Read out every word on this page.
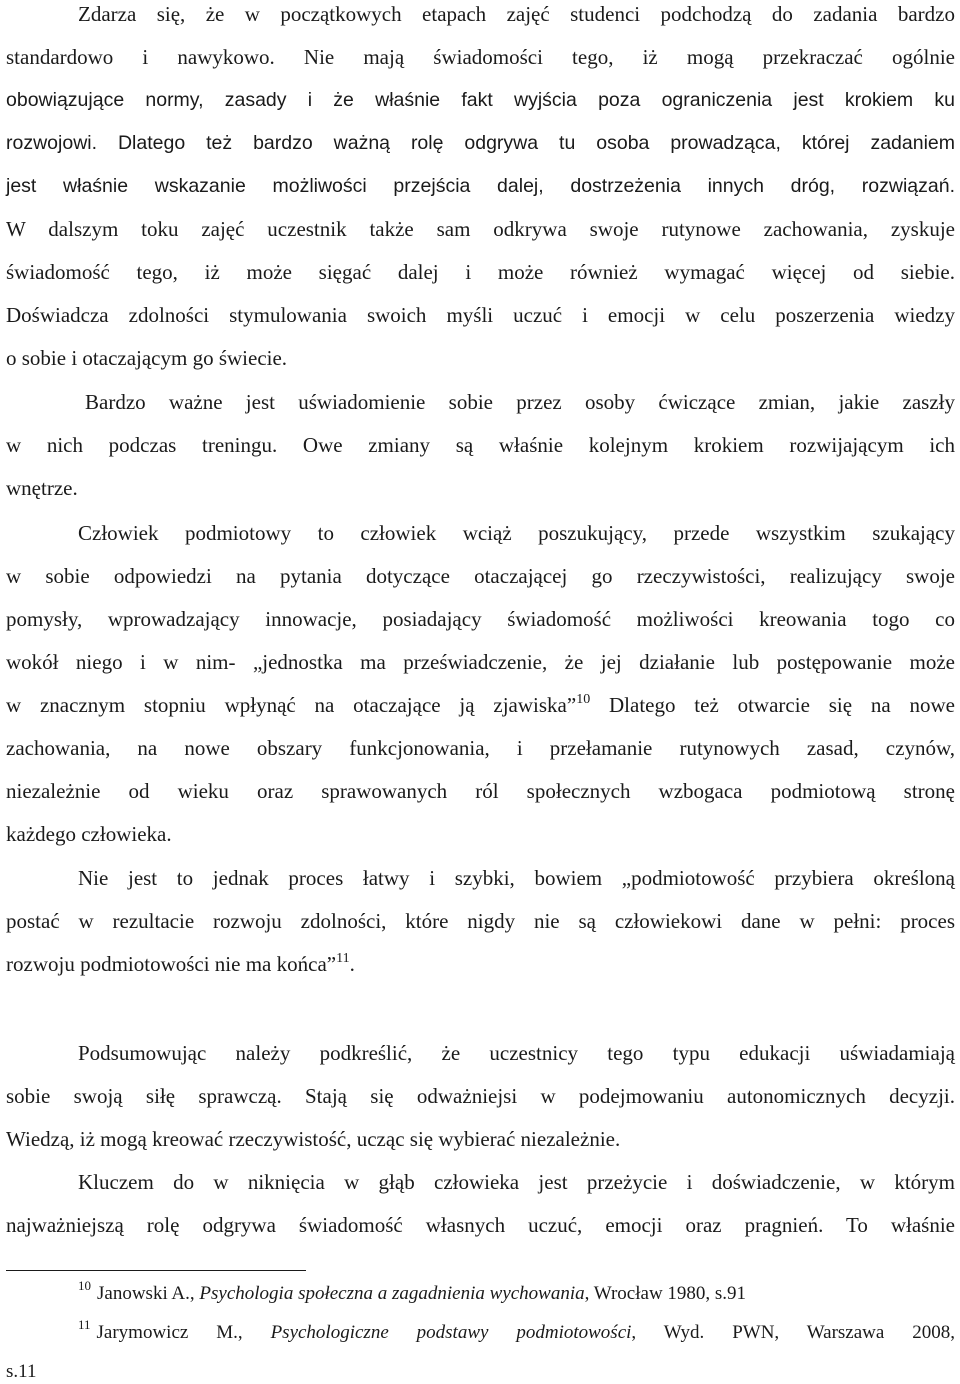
Zdarza się, że w początkowych etapach zajęć studenci podchodzą do zadania bardzo
standardowo i nawykowo. Nie mają świadomości tego, iż mogą przekraczać ogólnie
obowiązujące normy, zasady i że właśnie fakt wyjścia poza ograniczenia jest krokiem ku
rozwojowi. Dlatego też bardzo ważną rolę odgrywa tu osoba prowadząca, której zadaniem
jest właśnie wskazanie możliwości przejścia dalej, dostrzeżenia innych dróg, rozwiązań.
W dalszym toku zajęć uczestnik także sam odkrywa swoje rutynowe zachowania, zyskuje
świadomość tego, iż może sięgać dalej i może również wymagać więcej od siebie.
Doświadcza zdolności stymulowania swoich myśli uczuć i emocji w celu poszerzenia wiedzy
o sobie i otaczającym go świecie.
Bardzo ważne jest uświadomienie sobie przez osoby ćwiczące zmian, jakie zaszły
w nich podczas treningu. Owe zmiany są właśnie kolejnym krokiem rozwijającym ich
wnętrze.
Człowiek podmiotowy to człowiek wciąż poszukujący, przede wszystkim szukający
w sobie odpowiedzi na pytania dotyczące otaczającej go rzeczywistości, realizujący swoje
pomysły, wprowadzający innowacje, posiadający świadomość możliwości kreowania togo co
wokół niego i w nim- „jednostka ma przeświadczenie, że jej działanie lub postępowanie może
w znacznym stopniu wpłynąć na otaczające ją zjawiska”$^{10}$ Dlatego też otwarcie się na nowe
zachowania, na nowe obszary funkcjonowania, i przełamanie rutynowych zasad, czynów,
niezależnie od wieku oraz sprawowanych ról społecznych wzbogaca podmiotową stronę
każdego człowieka.
Nie jest to jednak proces łatwy i szybki, bowiem „podmiotowość przybiera określoną
postać w rezultacie rozwoju zdolności, które nigdy nie są człowiekowi dane w pełni: proces
rozwoju podmiotowości nie ma końca”$^{11}$.
Podsumowując należy podkreślić, że uczestnicy tego typu edukacji uświadamiają
sobie swoją siłę sprawczą. Stają się odważniejsi w podejmowaniu autonomicznych decyzji.
Wiedzą, iż mogą kreować rzeczywistość, ucząc się wybierać niezależnie.
Kluczem do w niknięcia w głąb człowieka jest przeżycie i doświadczenie, w którym
najważniejszą rolę odgrywa świadomość własnych uczuć, emocji oraz pragnień. To właśnie
$^{10}$ Janowski A., Psychologia społeczna a zagadnienia wychowania, Wrocław 1980, s.91
$^{11}$ Jarymowicz M., Psychologiczne podstawy podmiotowości, Wyd. PWN, Warszawa 2008,
s.11
